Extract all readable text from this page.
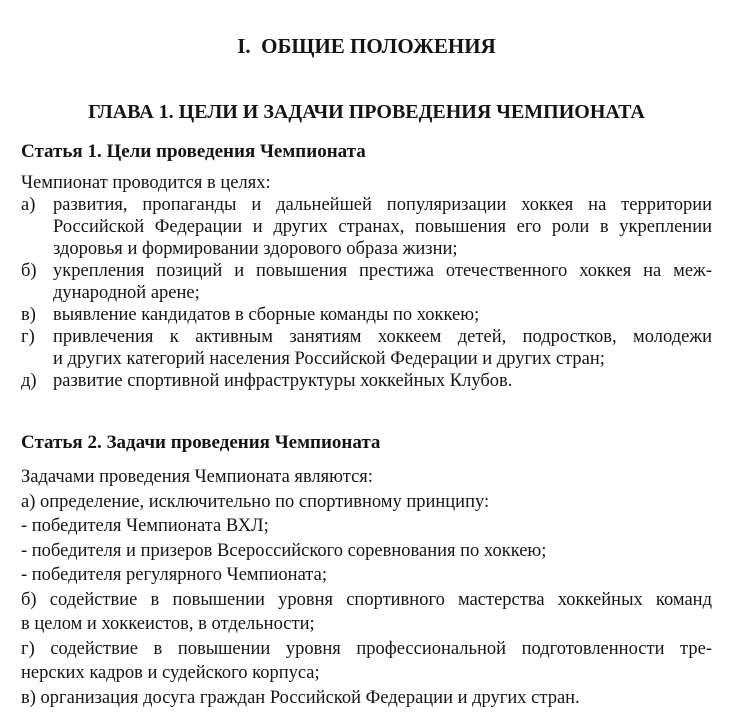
I.  ОБЩИЕ ПОЛОЖЕНИЯ
ГЛАВА 1. ЦЕЛИ И ЗАДАЧИ ПРОВЕДЕНИЯ ЧЕМПИОНАТА
Статья 1. Цели проведения Чемпионата
Чемпионат проводится в целях:
а) развития, пропаганды и дальнейшей популяризации хоккея на территории
Российской Федерации и других странах, повышения его роли в укреплении
здоровья и формировании здорового образа жизни;
б) укрепления позиций и повышения престижа отечественного хоккея на меж-
дународной арене;
в) выявление кандидатов в сборные команды по хоккею;
г) привлечения к активным занятиям хоккеем детей, подростков, молодежи
и других категорий населения Российской Федерации и других стран;
д) развитие спортивной инфраструктуры хоккейных Клубов.
Статья 2. Задачи проведения Чемпионата
Задачами проведения Чемпионата являются:
а) определение, исключительно по спортивному принципу:
- победителя Чемпионата ВХЛ;
- победителя и призеров Всероссийского соревнования по хоккею;
- победителя регулярного Чемпионата;
б) содействие в повышении уровня спортивного мастерства хоккейных команд
в целом и хоккеистов, в отдельности;
г) содействие в повышении уровня профессиональной подготовленности тре-
нерских кадров и судейского корпуса;
в) организация досуга граждан Российской Федерации и других стран.
